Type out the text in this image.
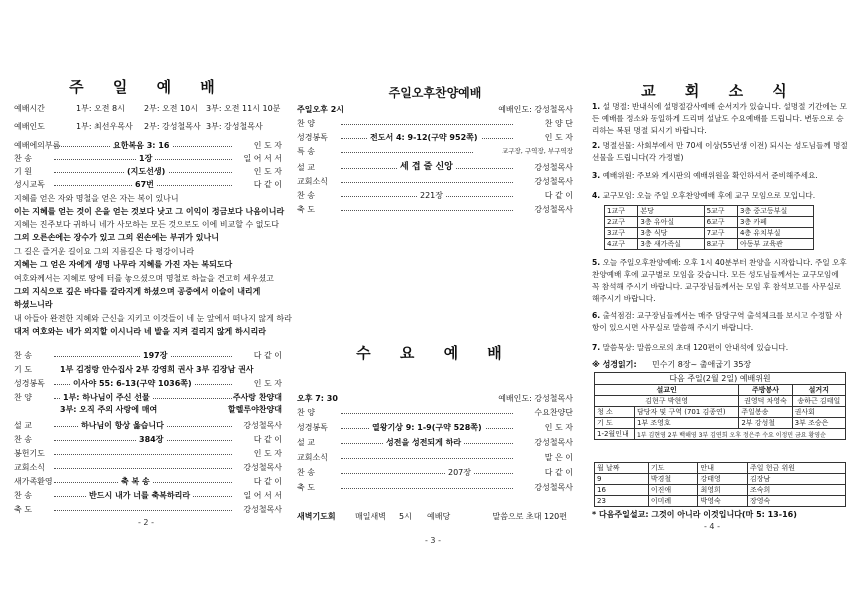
주 일 예 배
예배시간	1부: 오전 8시 2부: 오전 10시 3부: 오전 11시 10분
예배인도	1부: 최선우목사 2부: 강성철목사 3부: 강성철목사
예배에의부름	요한복음 3: 16	인 도 자
찬 송	1장	일 어 서 서
기 원	(지도선생)	인 도 자
성시교독	67번	다 같 이
지혜를 얻은 자와 명철을 얻은 자는 복이 있나니
이는 지혜를 얻는 것이 은을 얻는 것보다 낫고 그 이익이 정금보다 나음이니라
지혜는 진주보다 귀하니 네가 사모하는 모든 것으로도 이에 비교할 수 없도다
그의 오른손에는 장수가 있고 그의 왼손에는 부귀가 있나니
그 길은 즐거운 길이요 그의 지름길은 다 평강이니라
지혜는 그 얻은 자에게 생명 나무라 지혜를 가진 자는 복되도다
여호와께서는 지혜로 땅에 터를 놓으셨으며 명철로 하늘을 견고히 세우셨고
그의 지식으로 깊은 바다를 갈라지게 하셨으며 공중에서 이슬이 내리게
하셨느니라
내 아들아 완전한 지혜와 근신을 지키고 이것들이 네 눈 앞에서 떠나지 않게 하라
대저 여호와는 네가 의지할 이시니라 네 발을 지켜 걸리지 않게 하시리라
찬 송	197장	다 같 이
기 도	1부 김정랑 안수집사 2부 강영희 권사 3부 김장남 권사
성경봉독	이사야 55: 6-13(구약 1036쪽)	인 도 자
찬 양	1부: 하나님이 주신 선물	주사랑 찬양대
3부: 오직 주의 사랑에 매여	할렐루야찬양대
설 교	하나님이 항상 옳습니다	강성철목사
찬 송	384장	다 같 이
봉헌기도	인 도 자
교회소식	강성철목사
새가족환영	축 복 송	다 같 이
찬 송	반드시 내가 너를 축복하리라	일 어 서 서
축 도	강성철목사
- 2 -
주일오후찬양예배
주일오후 2시	예배인도: 강성철목사
찬 양	찬 양 단
성경봉독	전도서 4: 9-12(구약 952쪽)	인 도 자
특 송	교구장, 구역장, 부구역장
설 교	세 겹 줄 신앙	강성철목사
교회소식	강성철목사
찬 송	221장	다 같 이
축 도	강성철목사
수 요 예 배
오후 7: 30	예배인도: 강성철목사
찬 양	수요찬양단
성경봉독	열왕기상 9: 1-9(구약 528쪽)	인 도 자
설 교	성전을 성전되게 하라	강성철목사
교회소식	말 은 이
찬 송	207장	다 같 이
축 도	강성철목사
새벽기도회 매일새벽 5시 예배당	말씀으로 초대 120편
- 3 -
교 회 소 식
1. 설 명절: 반내식에 설명절감사예배 순서지가 있습니다. 설명절 기간에는 모든 예배를 정소와 동일하게 드리며 설날도 수요예배를 드립니다. 변동으로 승리하는 복된 명절 되시기 바랍니다.
2. 명절선물: 사회부에서 만 70세 이상(55년생 이전) 되시는 성도님들께 명절선물을 드립니다(각 가정별)
3. 예배위원: 주보와 게시판의 예배위원을 확인하셔서 준비해주세요.
4. 교구모임: 오늘 주일 오후찬양예배 후에 교구 모임으로 모입니다.
1교구	본당	5교구	3층 중고등부실
2교구	3층 유아실	6교구	3층 카페
3교구	3층 식당	7교구	4층 유치부실
4교구	3층 새가족실	8교구	아동부 교육관
5. 오늘 주일오후찬양예배: 오후 1시 40분부터 찬양을 시작합니다. 주일 오후찬양예배 후에 교구별로 모임을 갖습니다. 모든 성도님들께서는 교구모임에 꼭 참석해 주시기 바랍니다. 교구장님들께서는 모임 후 참석보고를 사무실로 해주시기 바랍니다.
6. 출석점검: 교구장님들께서는 매주 담당구역 출석체크를 보시고 수정할 사항이 있으시면 사무실로 말씀해 주시기 바랍니다.
7. 말씀묵상: 말씀으로의 초대 120편이 안내석에 있습니다.
※ 성경읽기: 민수기 8장~ 출애굽기 35장
다음 주일(2월 2일) 예배위원			
설교인		주방봉사	설거지
김현구 박현영		권영덕 차영숙	송하근 김태일
청 소	담당자 및 구역 (701 김종연)	주일봉송	권사회
기 도	1부 조영호	2부 강성철	3부 조승은
1-2월인내	1부 김현영 2부 백해영 3부 김연희 오후 정은주 수요 이정민 금요 황영순		
월 날짜	기도	안내	주일 헌금 위원
9	박경철	강태영	김장남
16	이진애	최영희	조숙희
23	이미례	박영숙	장영숙
* 다음주일설교: 그것이 아니라 이것입니다(마 5: 13-16)
- 4 -
